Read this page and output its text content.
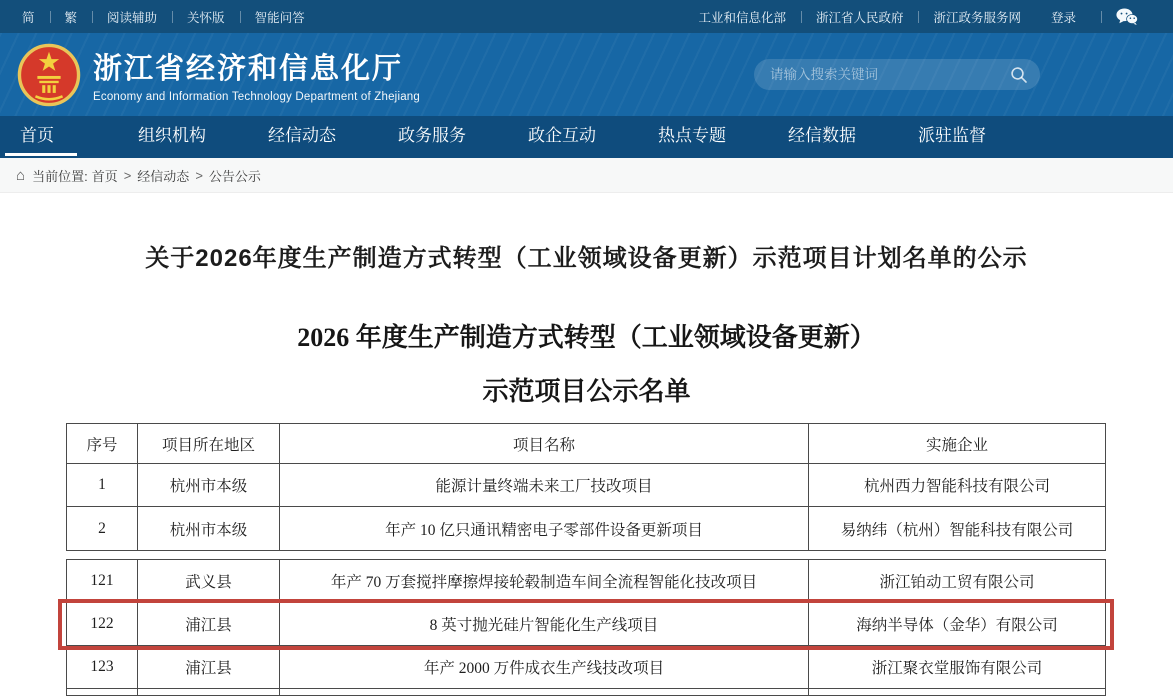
简	繁	阅读辅助	关怀版	智能问答	工业和信息化部	浙江省人民政府	浙江政务服务网	登录
浙江省经济和信息化厅
Economy and Information Technology Department of Zhejiang
请输入搜索关键词
首页	组织机构	经信动态	政务服务	政企互动	热点专题	经信数据	派驻监督
⌂ 当前位置: 首页 > 经信动态 > 公告公示
关于2026年度生产制造方式转型（工业领域设备更新）示范项目计划名单的公示
2026 年度生产制造方式转型（工业领域设备更新）
示范项目公示名单
序号	项目所在地区	项目名称	实施企业
1	杭州市本级	能源计量终端未来工厂技改项目	杭州西力智能科技有限公司
2	杭州市本级	年产 10 亿只通讯精密电子零部件设备更新项目	易纳纬（杭州）智能科技有限公司
121	武义县	年产 70 万套搅拌摩擦焊接轮毂制造车间全流程智能化技改项目	浙江铂动工贸有限公司
122	浦江县	8 英寸抛光硅片智能化生产线项目	海纳半导体（金华）有限公司
123	浦江县	年产 2000 万件成衣生产线技改项目	浙江聚衣堂服饰有限公司
